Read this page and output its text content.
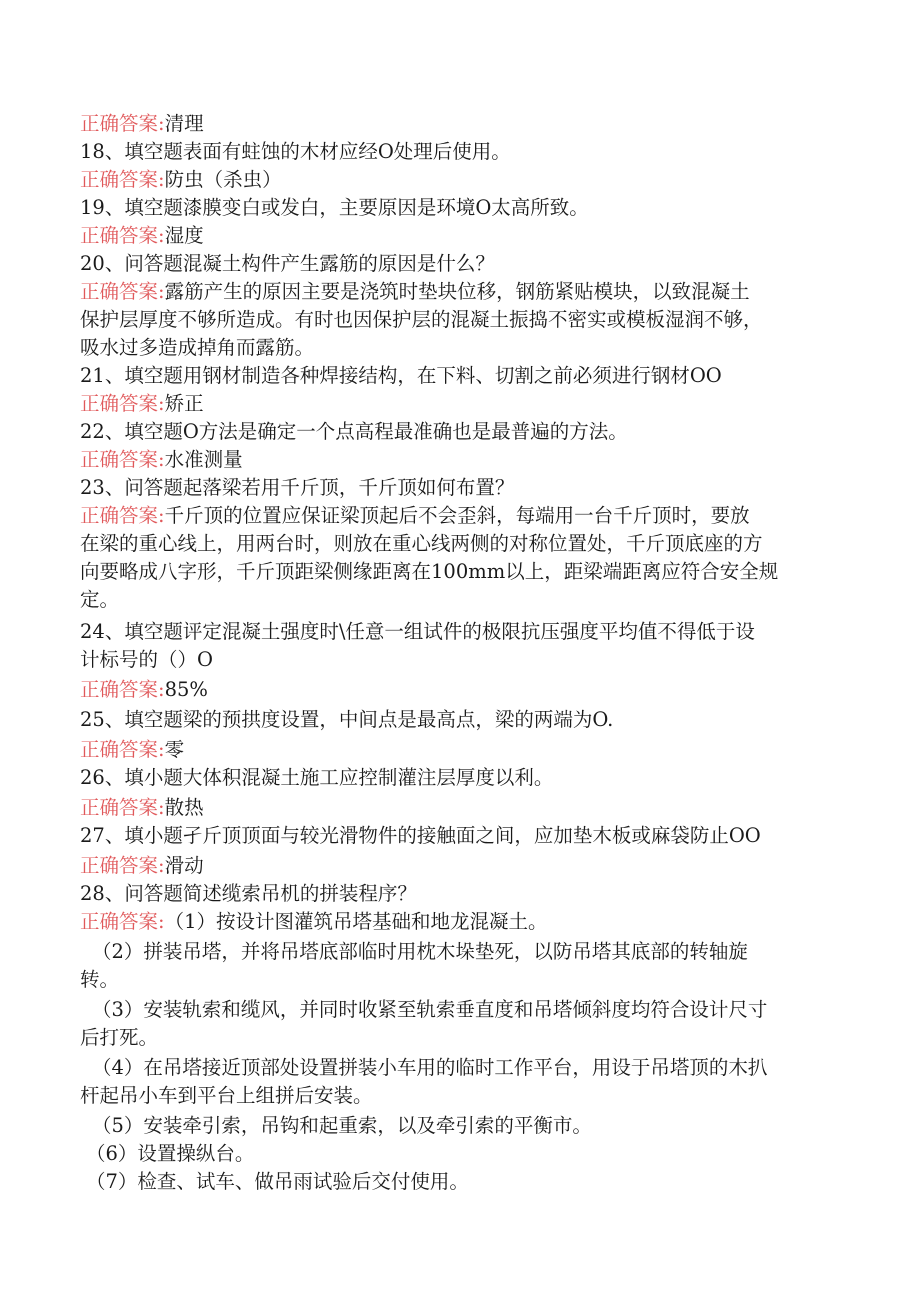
正确答案:清理
18、填空题表面有蛀蚀的木材应经O处理后使用。
正确答案:防虫（杀虫）
19、填空题漆膜变白或发白，主要原因是环境O太高所致。
正确答案:湿度
20、问答题混凝土构件产生露筋的原因是什么？
正确答案:露筋产生的原因主要是浇筑时垫块位移，钢筋紧贴模块，以致混凝土
保护层厚度不够所造成。有时也因保护层的混凝土振捣不密实或模板湿润不够，
吸水过多造成掉角而露筋。
21、填空题用钢材制造各种焊接结构，在下料、切割之前必须进行钢材OO
正确答案:矫正
22、填空题O方法是确定一个点高程最准确也是最普遍的方法。
正确答案:水准测量
23、问答题起落梁若用千斤顶，千斤顶如何布置？
正确答案:千斤顶的位置应保证梁顶起后不会歪斜，每端用一台千斤顶时，要放
在梁的重心线上，用两台时，则放在重心线两侧的对称位置处，千斤顶底座的方
向要略成八字形，千斤顶距梁侧缘距离在100mm以上，距梁端距离应符合安全规
定。
24、填空题评定混凝土强度时\任意一组试件的极限抗压强度平均值不得低于设
计标号的（）O
正确答案:85%
25、填空题梁的预拱度设置，中间点是最高点，梁的两端为O.
正确答案:零
26、填小题大体积混凝土施工应控制灌注层厚度以利。
正确答案:散热
27、填小题孑斤顶顶面与较光滑物件的接触面之间，应加垫木板或麻袋防止OO
正确答案:滑动
28、问答题简述缆索吊机的拼装程序？
正确答案:（1）按设计图灌筑吊塔基础和地龙混凝土。
（2）拼装吊塔，并将吊塔底部临时用枕木垛垫死，以防吊塔其底部的转轴旋
转。
（3）安装轨索和缆风，并同时收紧至轨索垂直度和吊塔倾斜度均符合设计尺寸
后打死。
（4）在吊塔接近顶部处设置拼装小车用的临时工作平台，用设于吊塔顶的木扒
杆起吊小车到平台上组拼后安装。
（5）安装牵引索，吊钩和起重索，以及牵引索的平衡市。
（6）设置操纵台。
（7）检查、试车、做吊雨试验后交付使用。
